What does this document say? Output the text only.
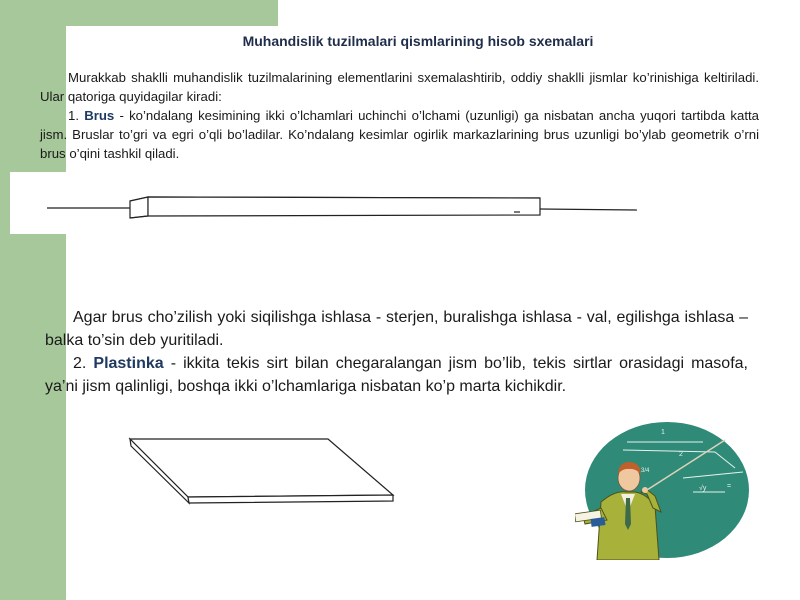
Muhandislik tuzilmalari qismlarining hisob sxemalari

Murakkab shaklli muhandislik tuzilmalarining elementlarini sxemalashtirib, oddiy shaklli jismlar ko’rinishiga keltiriladi. Ular qatoriga quyidagilar kiradi:

1. Brus - ko’ndalang kesimining ikki o’lchamlari uchinchi o’lchami (uzunligi) ga nisbatan ancha yuqori tartibda katta jism. Bruslar to’gri va egri o’qli bo’ladilar. Ko’ndalang kesimlar ogirlik markazlarining brus uzunligi bo’ylab geometrik o’rni brus o’qini tashkil qiladi.

Agar brus cho’zilish yoki siqilishga ishlasa - sterjen, buralishga ishlasa - val, egilishga ishlasa – balka to’sin deb yuritiladi.

2. Plastinka - ikkita tekis sirt bilan chegaralangan jism bo’lib, tekis sirtlar orasidagi masofa, ya’ni jism qalinligi, boshqa ikki o’lchamlariga nisbatan ko’p marta kichikdir.

1
2
3/4
√y	=
